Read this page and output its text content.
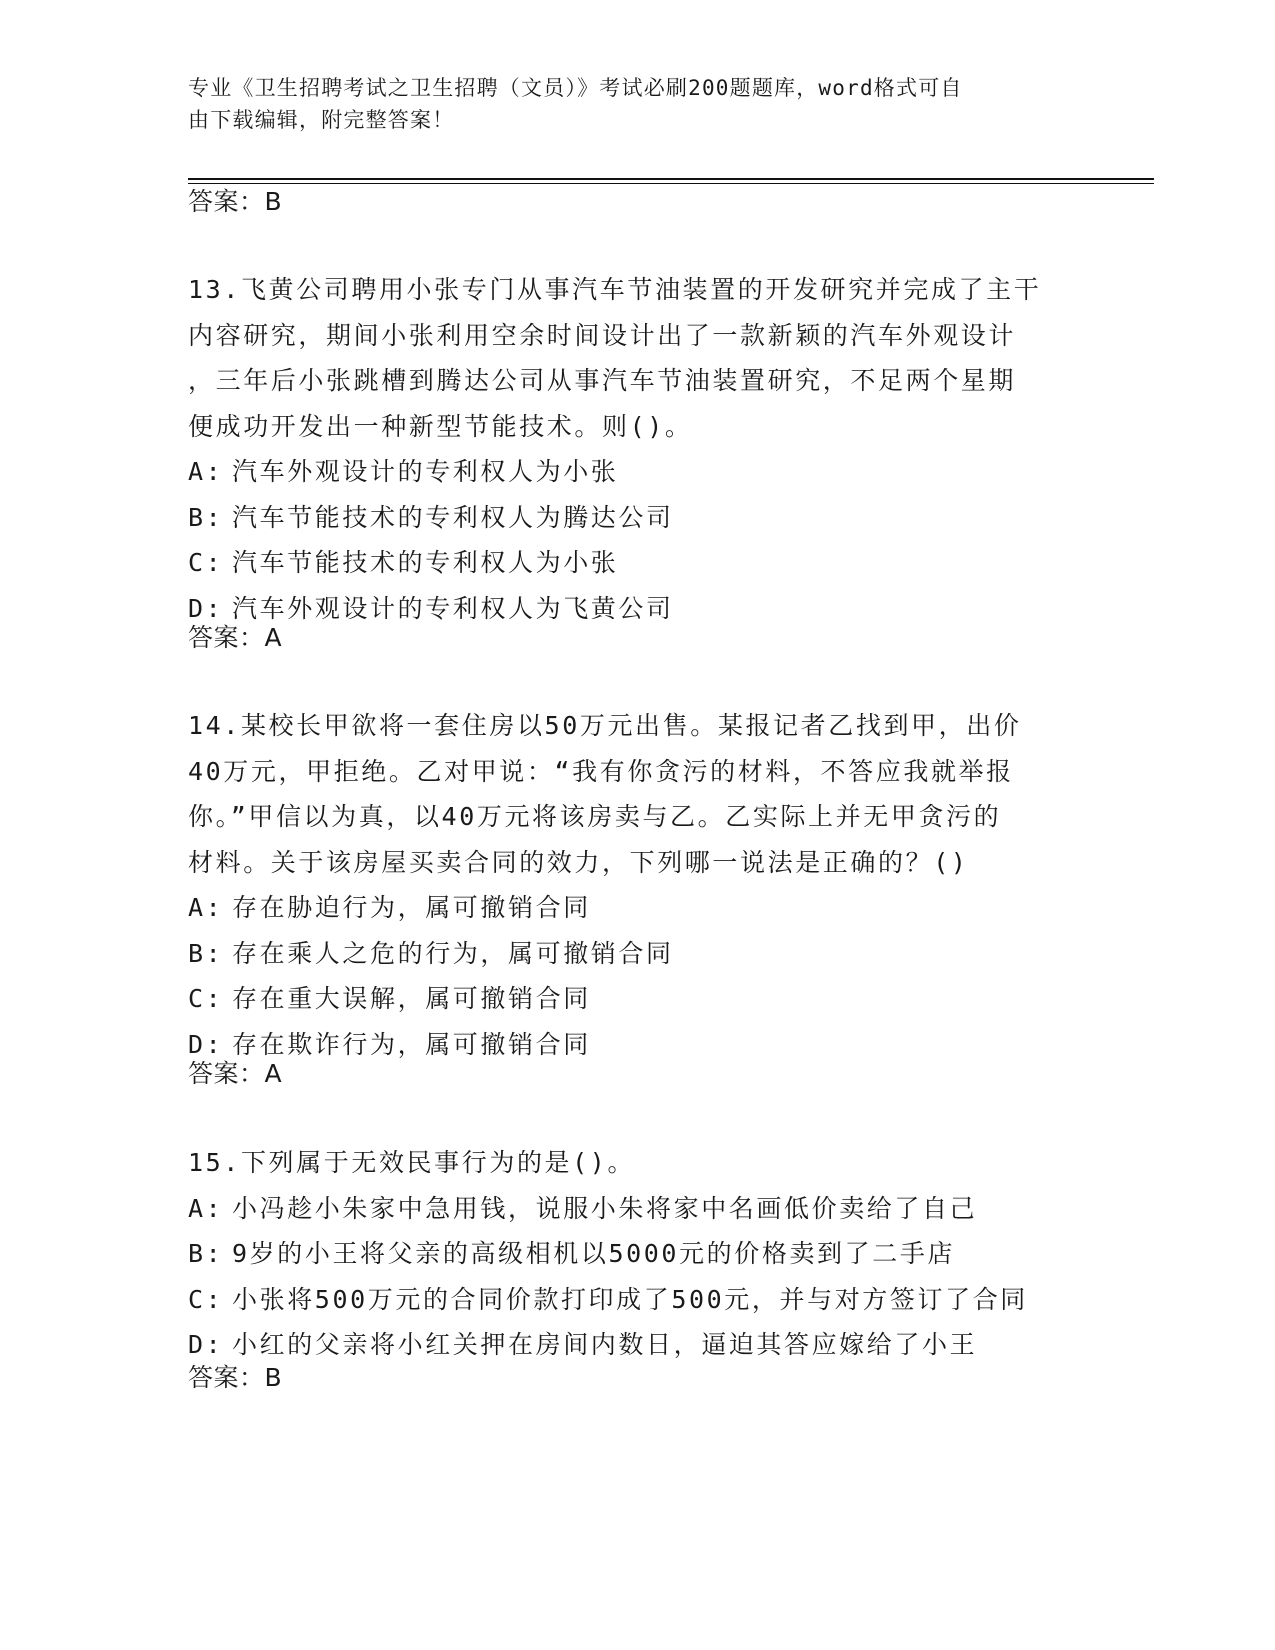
专业《卫生招聘考试之卫生招聘（文员）》考试必刷200题题库，word格式可自
由下载编辑，附完整答案！
答案：B
13.飞黄公司聘用小张专门从事汽车节油装置的开发研究并完成了主干
内容研究，期间小张利用空余时间设计出了一款新颖的汽车外观设计
，三年后小张跳槽到腾达公司从事汽车节油装置研究，不足两个星期
便成功开发出一种新型节能技术。则()。
A: 汽车外观设计的专利权人为小张
B: 汽车节能技术的专利权人为腾达公司
C: 汽车节能技术的专利权人为小张
D: 汽车外观设计的专利权人为飞黄公司
答案：A
14.某校长甲欲将一套住房以50万元出售。某报记者乙找到甲，出价
40万元，甲拒绝。乙对甲说：“我有你贪污的材料，不答应我就举报
你。”甲信以为真，以40万元将该房卖与乙。乙实际上并无甲贪污的
材料。关于该房屋买卖合同的效力，下列哪一说法是正确的？()
A: 存在胁迫行为，属可撤销合同
B: 存在乘人之危的行为，属可撤销合同
C: 存在重大误解，属可撤销合同
D: 存在欺诈行为，属可撤销合同
答案：A
15.下列属于无效民事行为的是()。
A: 小冯趁小朱家中急用钱，说服小朱将家中名画低价卖给了自己
B: 9岁的小王将父亲的高级相机以5000元的价格卖到了二手店
C: 小张将500万元的合同价款打印成了500元，并与对方签订了合同
D: 小红的父亲将小红关押在房间内数日，逼迫其答应嫁给了小王
答案：B
